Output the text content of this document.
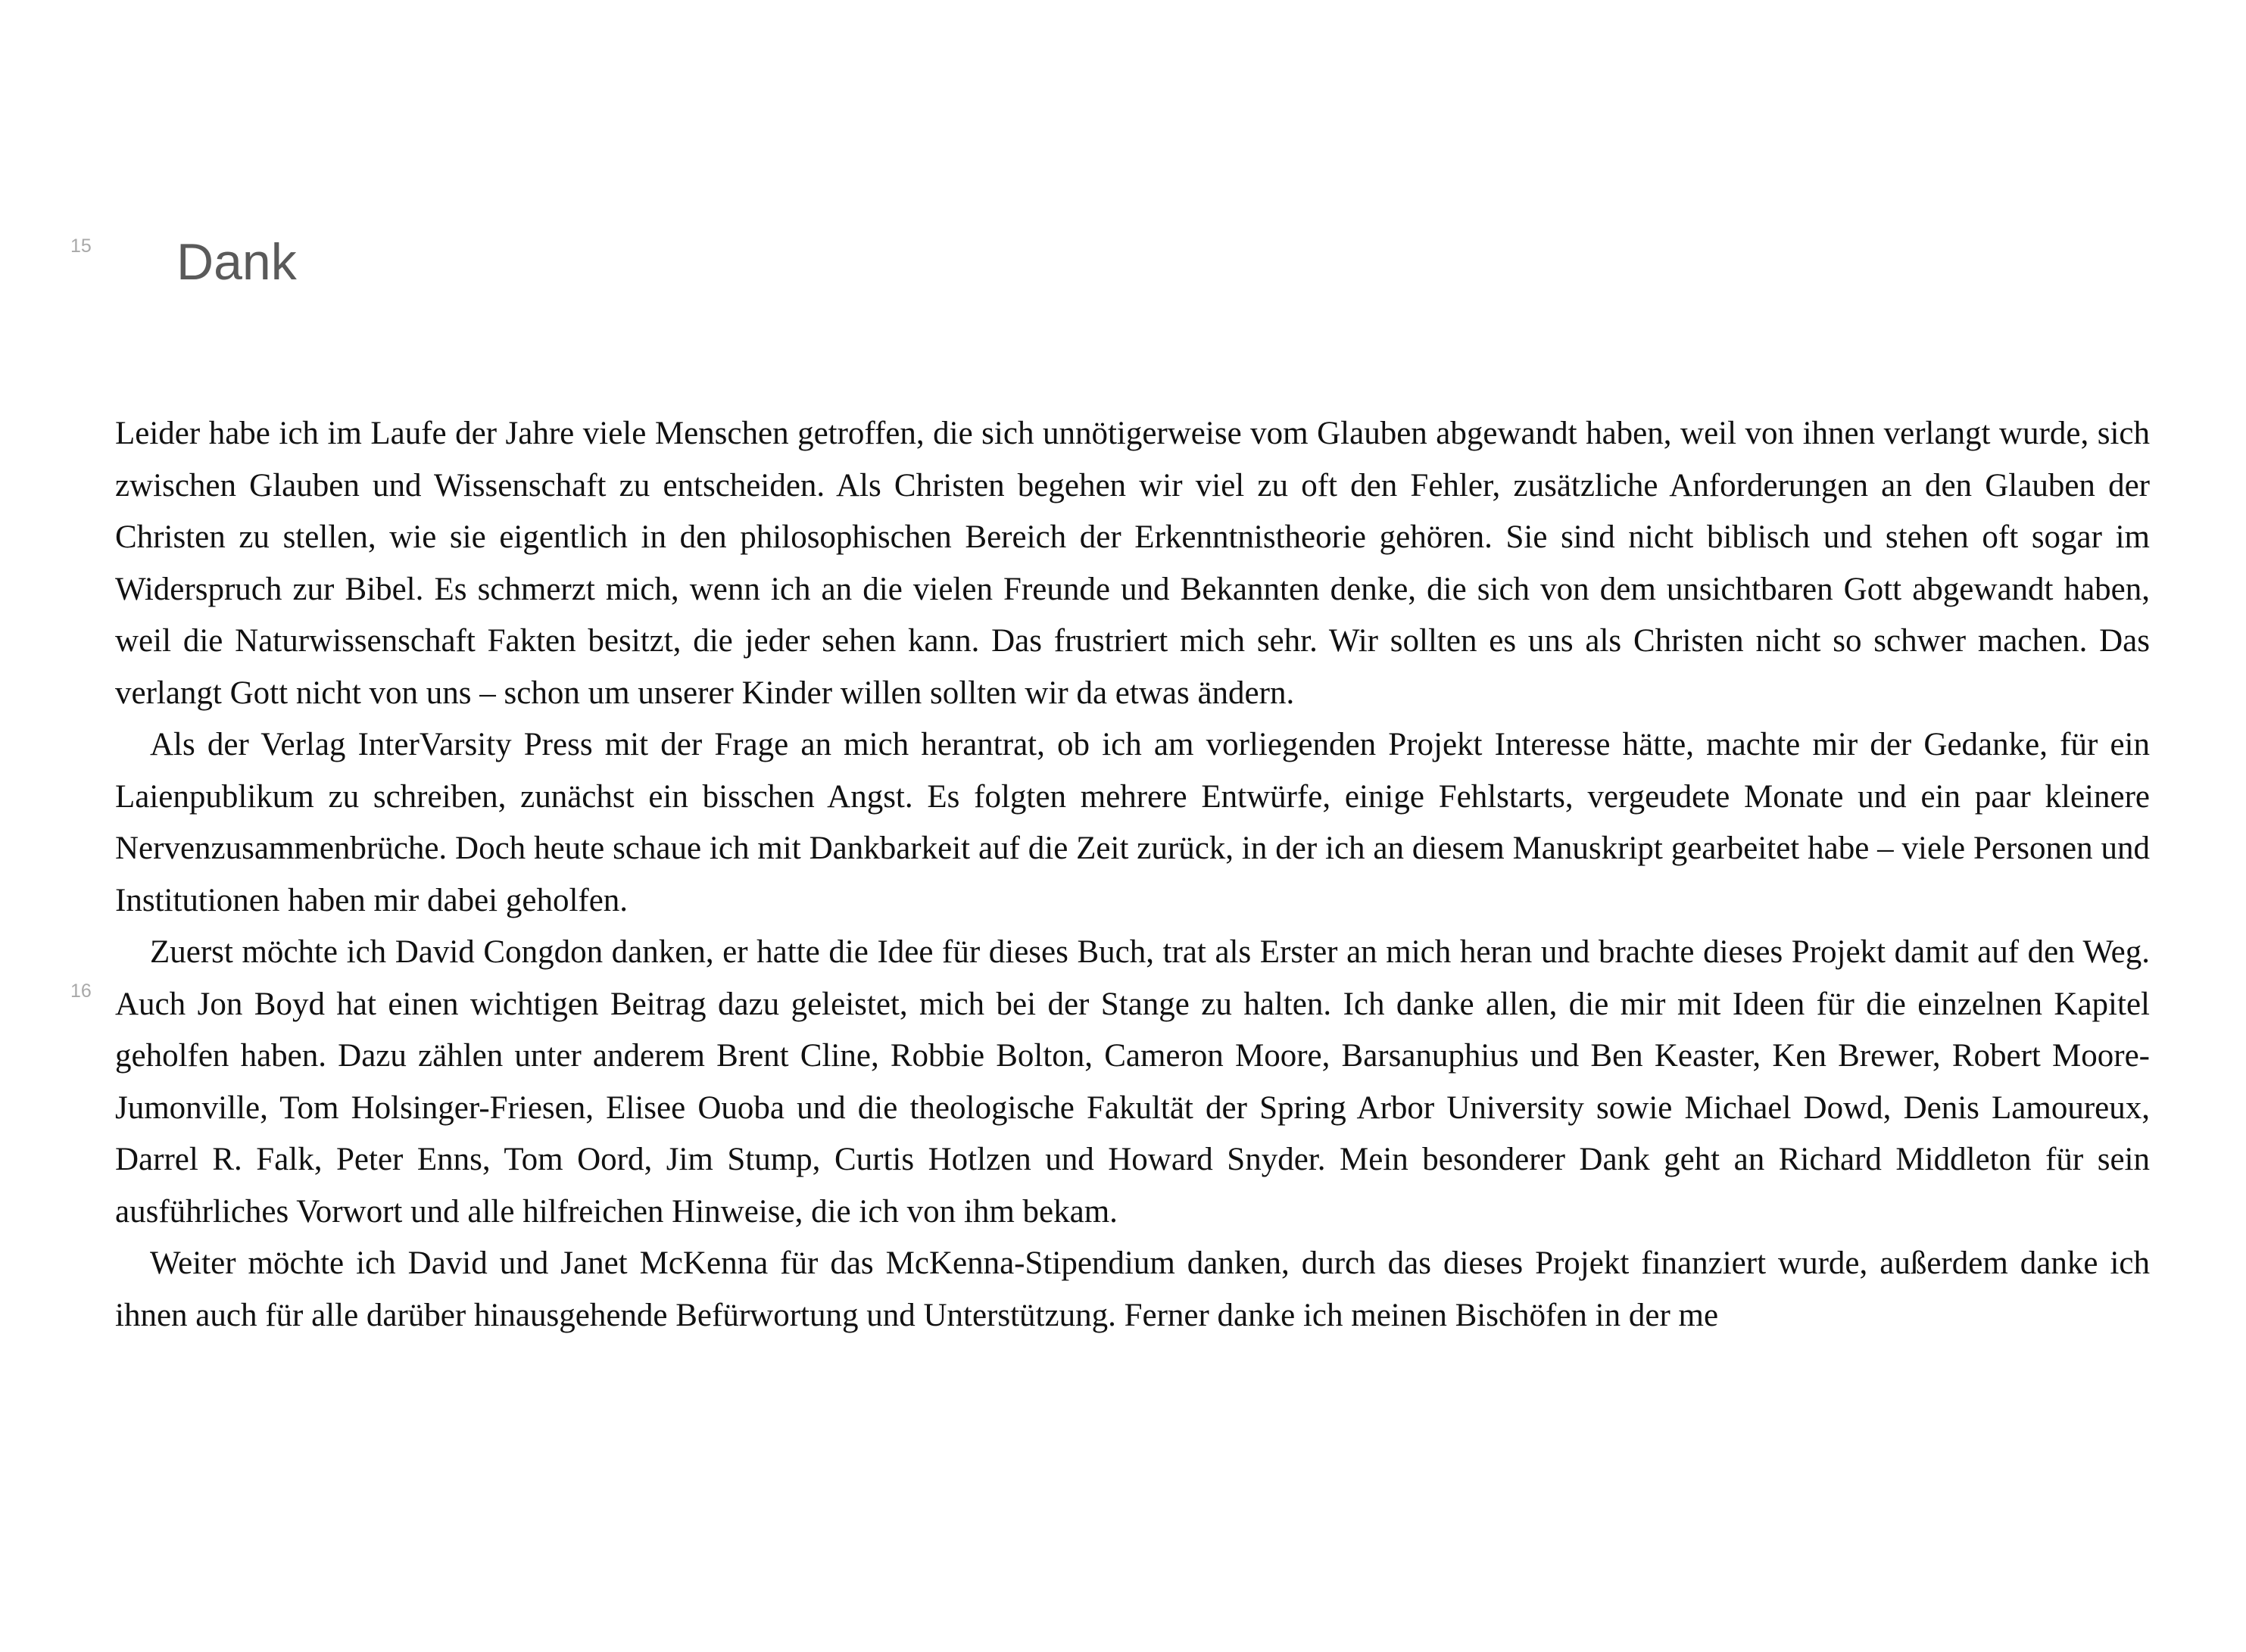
15 Dank

Leider habe ich im Laufe der Jahre viele Menschen getroffen, die sich unnötigerweise vom Glauben abgewandt haben, weil von ihnen verlangt wurde, sich zwischen Glauben und Wissenschaft zu entscheiden. Als Christen begehen wir viel zu oft den Fehler, zusätzliche Anforderungen an den Glauben der Christen zu stellen, wie sie eigentlich in den philosophischen Bereich der Erkenntnistheorie gehören. Sie sind nicht biblisch und stehen oft sogar im Widerspruch zur Bibel. Es schmerzt mich, wenn ich an die vielen Freunde und Bekannten denke, die sich von dem unsichtbaren Gott abgewandt haben, weil die Naturwissenschaft Fakten besitzt, die jeder sehen kann. Das frustriert mich sehr. Wir sollten es uns als Christen nicht so schwer machen. Das verlangt Gott nicht von uns – schon um unserer Kinder willen sollten wir da etwas ändern.

Als der Verlag InterVarsity Press mit der Frage an mich herantrat, ob ich am vorliegenden Projekt Interesse hätte, machte mir der Gedanke, für ein Laienpublikum zu schreiben, zunächst ein bisschen Angst. Es folgten mehrere Entwürfe, einige Fehlstarts, vergeudete Monate und ein paar kleinere Nervenzusammenbrüche. Doch heute schaue ich mit Dankbarkeit auf die Zeit zurück, in der ich an diesem Manuskript gearbeitet habe – viele Personen und Institutionen haben mir dabei geholfen.

Zuerst möchte ich David Congdon danken, er hatte die Idee für dieses Buch, trat als Erster an mich heran und brachte dieses Projekt damit auf den Weg. Auch Jon Boyd hat einen wichtigen Beitrag dazu geleistet, mich bei der Stange zu halten. Ich danke allen, die mir mit Ideen für die einzelnen Kapitel geholfen haben. Dazu zählen unter anderem Brent Cline, Robbie Bolton, Cameron Moore, Barsanuphius und Ben Keaster, Ken Brewer, Robert Moore-Jumonville, Tom Holsinger-Friesen, Elisee Ouoba und die theologische Fakultät der Spring Arbor University sowie Michael Dowd, Denis Lamoureux, Darrel R. Falk, Peter Enns, Tom Oord, Jim Stump, Curtis Hotlzen und Howard Snyder. Mein besonderer Dank geht an Richard Middleton für sein ausführliches Vorwort und alle hilfreichen Hinweise, die ich von ihm bekam.

Weiter möchte ich David und Janet McKenna für das McKenna-Stipendium danken, durch das dieses Projekt finanziert wurde, außerdem danke ich ihnen auch für alle darüber hinausgehende Befürwortung und Unterstützung. Ferner danke ich meinen Bischöfen in der me

16
